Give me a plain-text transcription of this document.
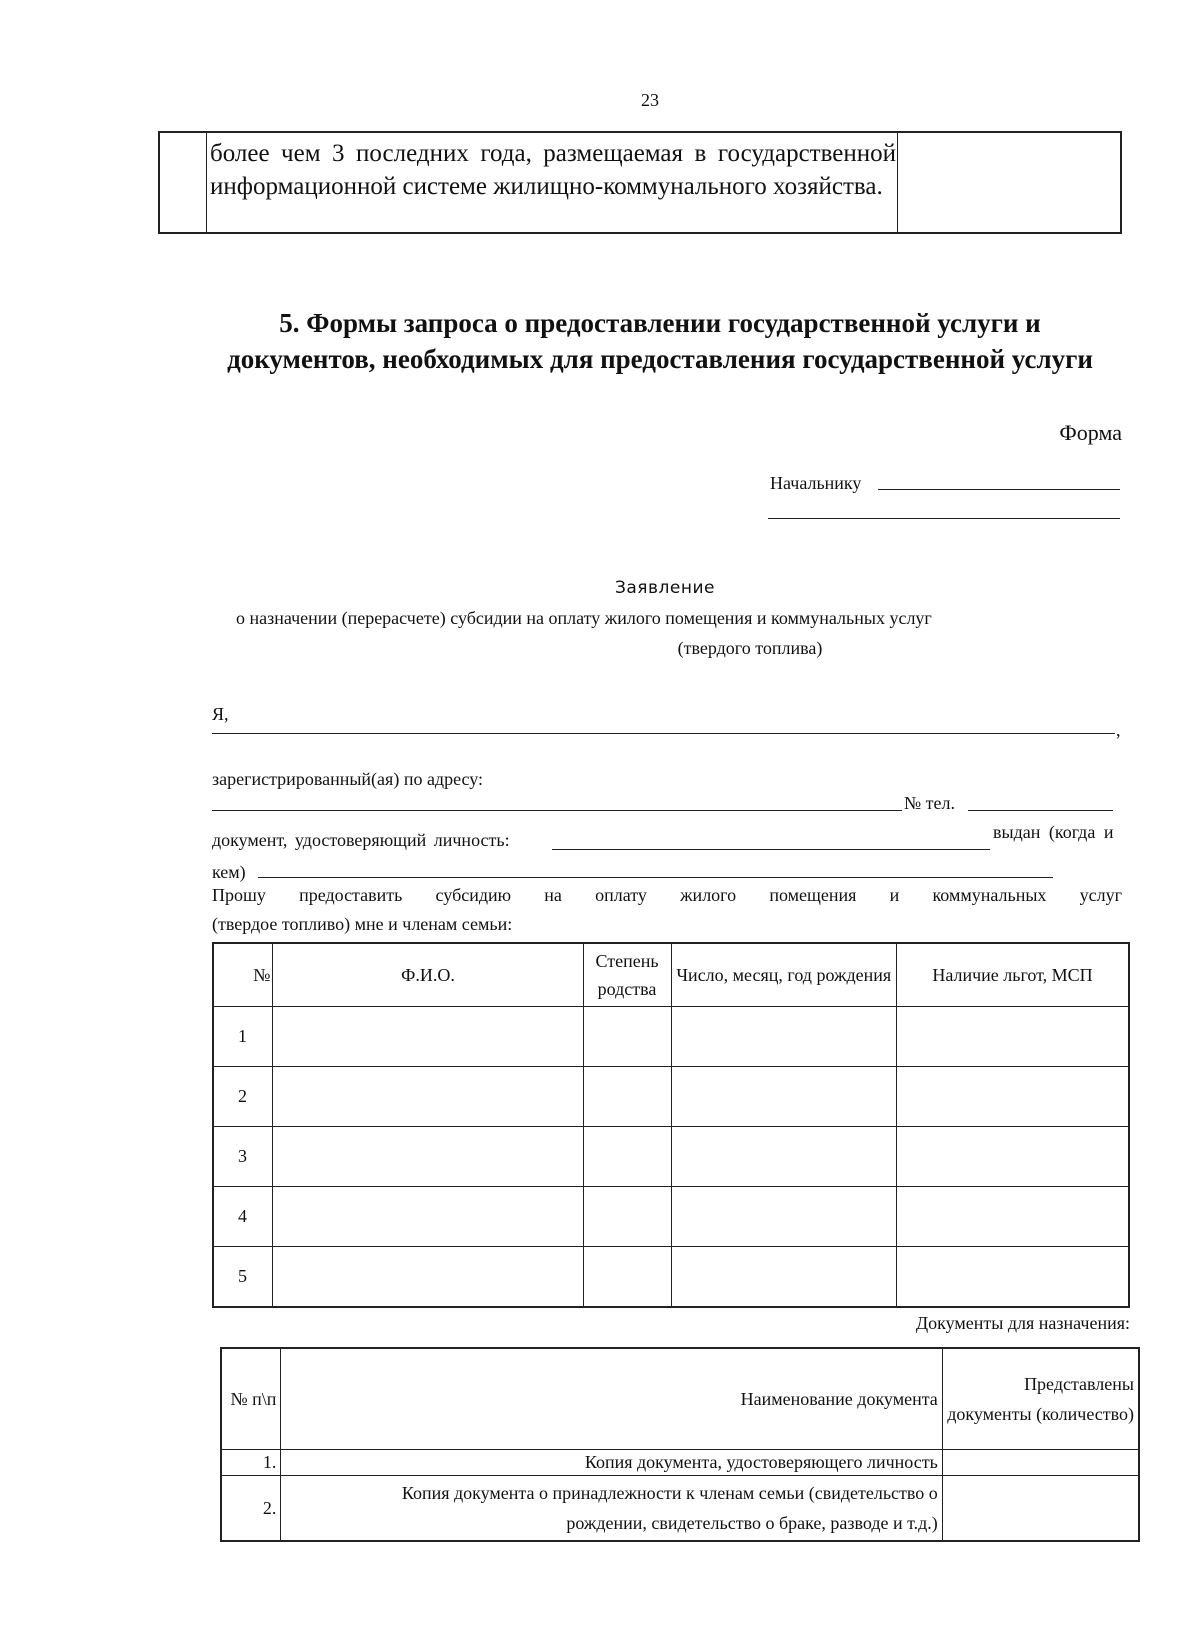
23
более чем 3 последних года, размещаемая в государственной информационной системе жилищно-коммунального хозяйства.
5. Формы запроса о предоставлении государственной услуги и
документов, необходимых для предоставления государственной услуги
Форма
Начальнику
Заявление
о назначении (перерасчете) субсидии на оплату жилого помещения и коммунальных услуг
(твердого топлива)
Я,
,
зарегистрированный(ая) по адресу:
№ тел.
документ, удостоверяющий личность:	выдан (когда и
кем)
Прошу предоставить субсидию на оплату жилого помещения и коммунальных услуг
(твердое топливо) мне и членам семьи:
№	Ф.И.О.	Степень родства	Число, месяц, год рождения	Наличие льгот, МСП
1				
2				
3				
4				
5				
Документы для назначения:
№ п\п	Наименование документа	Представлены документы (количество)
1.	Копия документа, удостоверяющего личность	
2.	Копия документа о принадлежности к членам семьи (свидетельство о рождении, свидетельство о браке, разводе и т.д.)	
